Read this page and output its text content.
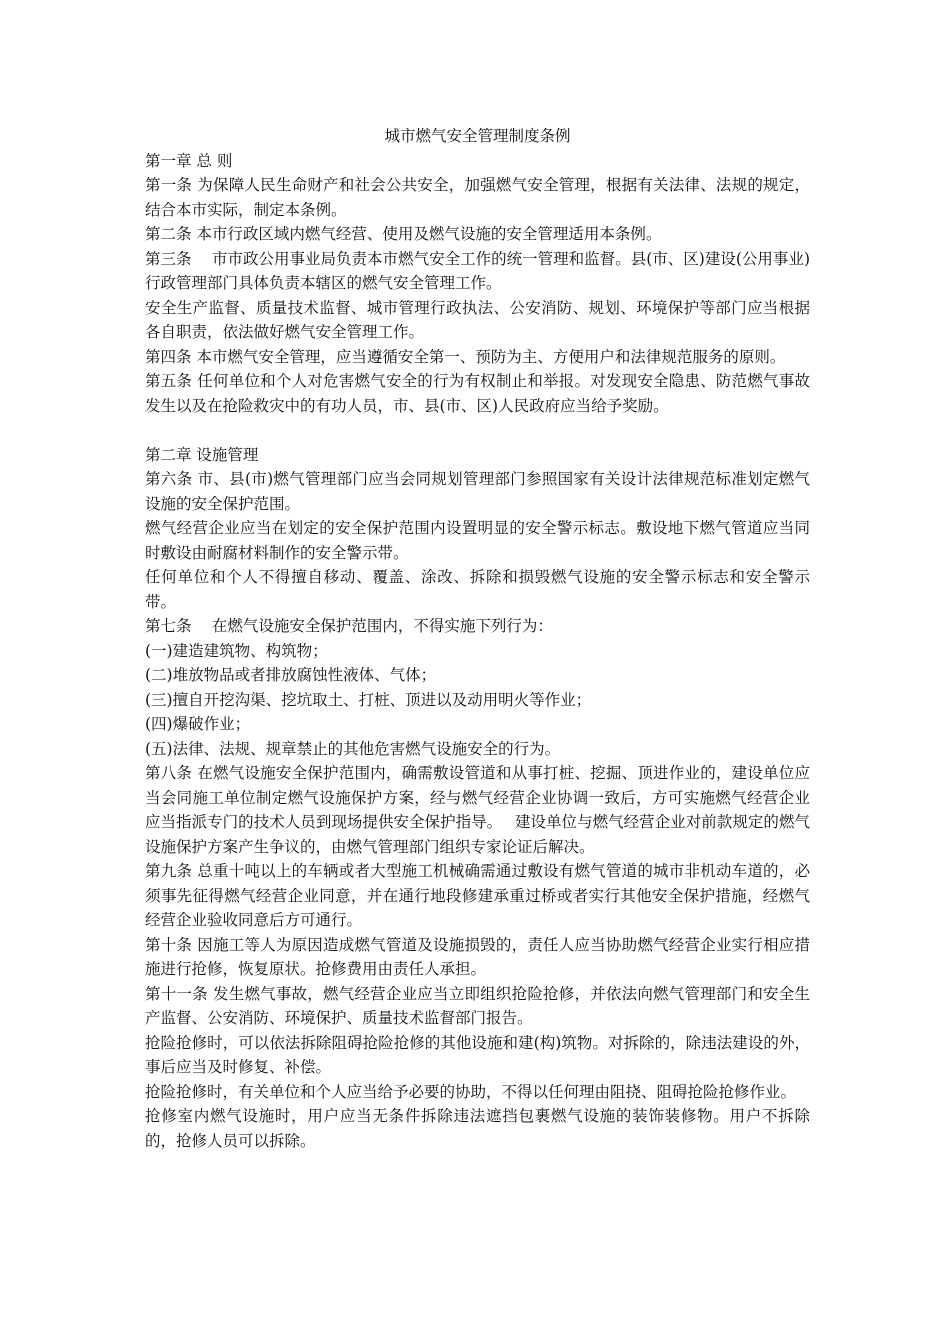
城市燃气安全管理制度条例

第一章 总 则

第一条 为保障人民生命财产和社会公共安全，加强燃气安全管理，根据有关法律、法规的规定，结合本市实际，制定本条例。

第二条 本市行政区域内燃气经营、使用及燃气设施的安全管理适用本条例。

第三条　 市市政公用事业局负责本市燃气安全工作的统一管理和监督。县(市、区)建设(公用事业)行政管理部门具体负责本辖区的燃气安全管理工作。

安全生产监督、质量技术监督、城市管理行政执法、公安消防、规划、环境保护等部门应当根据各自职责，依法做好燃气安全管理工作。

第四条 本市燃气安全管理，应当遵循安全第一、预防为主、方便用户和法律规范服务的原则。

第五条 任何单位和个人对危害燃气安全的行为有权制止和举报。对发现安全隐患、防范燃气事故发生以及在抢险救灾中的有功人员，市、县(市、区)人民政府应当给予奖励。

第二章 设施管理

第六条 市、县(市)燃气管理部门应当会同规划管理部门参照国家有关设计法律规范标准划定燃气设施的安全保护范围。

燃气经营企业应当在划定的安全保护范围内设置明显的安全警示标志。敷设地下燃气管道应当同时敷设由耐腐材料制作的安全警示带。

任何单位和个人不得擅自移动、覆盖、涂改、拆除和损毁燃气设施的安全警示标志和安全警示带。

第七条　 在燃气设施安全保护范围内，不得实施下列行为：

(一)建造建筑物、构筑物；

(二)堆放物品或者排放腐蚀性液体、气体；

(三)擅自开挖沟渠、挖坑取土、打桩、顶进以及动用明火等作业；

(四)爆破作业；

(五)法律、法规、规章禁止的其他危害燃气设施安全的行为。

第八条 在燃气设施安全保护范围内，确需敷设管道和从事打桩、挖掘、顶进作业的，建设单位应当会同施工单位制定燃气设施保护方案，经与燃气经营企业协调一致后，方可实施燃气经营企业应当指派专门的技术人员到现场提供安全保护指导。　 建设单位与燃气经营企业对前款规定的燃气设施保护方案产生争议的，由燃气管理部门组织专家论证后解决。

第九条 总重十吨以上的车辆或者大型施工机械确需通过敷设有燃气管道的城市非机动车道的，必须事先征得燃气经营企业同意，并在通行地段修建承重过桥或者实行其他安全保护措施，经燃气经营企业验收同意后方可通行。

第十条 因施工等人为原因造成燃气管道及设施损毁的，责任人应当协助燃气经营企业实行相应措施进行抢修，恢复原状。抢修费用由责任人承担。

第十一条 发生燃气事故，燃气经营企业应当立即组织抢险抢修，并依法向燃气管理部门和安全生产监督、公安消防、环境保护、质量技术监督部门报告。

抢险抢修时，可以依法拆除阻碍抢险抢修的其他设施和建(构)筑物。对拆除的，除违法建设的外，事后应当及时修复、补偿。

抢险抢修时，有关单位和个人应当给予必要的协助，不得以任何理由阻挠、阻碍抢险抢修作业。

抢修室内燃气设施时，用户应当无条件拆除违法遮挡包裹燃气设施的装饰装修物。用户不拆除的，抢修人员可以拆除。
